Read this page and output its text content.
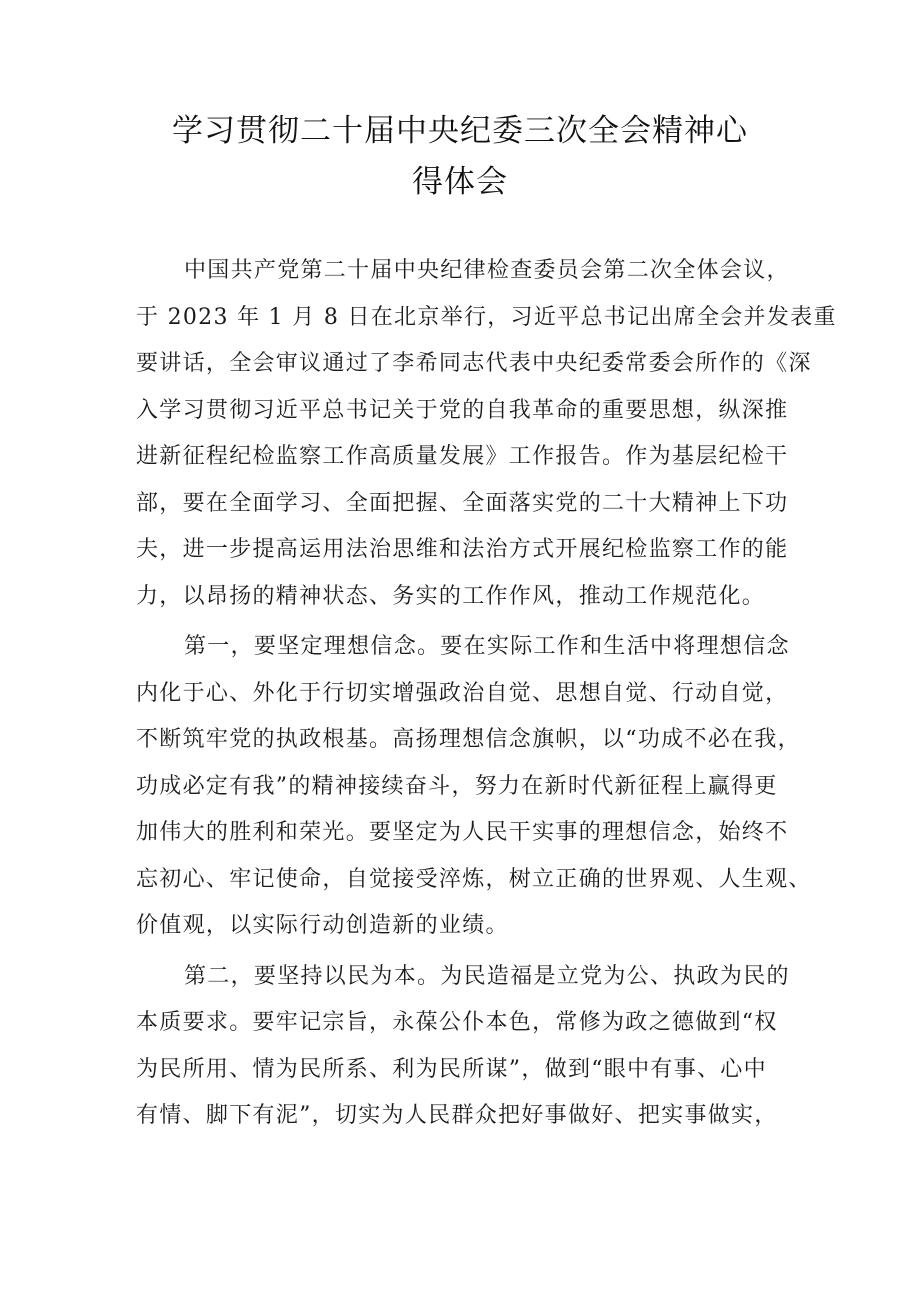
学习贯彻二十届中央纪委三次全会精神心
得体会

中国共产党第二十届中央纪律检查委员会第二次全体会议，
于 2023 年 1 月 8 日在北京举行，习近平总书记出席全会并发表重
要讲话，全会审议通过了李希同志代表中央纪委常委会所作的《深
入学习贯彻习近平总书记关于党的自我革命的重要思想，纵深推
进新征程纪检监察工作高质量发展》工作报告。作为基层纪检干
部，要在全面学习、全面把握、全面落实党的二十大精神上下功
夫，进一步提高运用法治思维和法治方式开展纪检监察工作的能
力，以昂扬的精神状态、务实的工作作风，推动工作规范化。

第一，要坚定理想信念。要在实际工作和生活中将理想信念
内化于心、外化于行切实增强政治自觉、思想自觉、行动自觉，
不断筑牢党的执政根基。高扬理想信念旗帜，以“功成不必在我，
功成必定有我”的精神接续奋斗，努力在新时代新征程上赢得更
加伟大的胜利和荣光。要坚定为人民干实事的理想信念，始终不
忘初心、牢记使命，自觉接受淬炼，树立正确的世界观、人生观、
价值观，以实际行动创造新的业绩。

第二，要坚持以民为本。为民造福是立党为公、执政为民的
本质要求。要牢记宗旨，永葆公仆本色，常修为政之德做到“权
为民所用、情为民所系、利为民所谋”，做到“眼中有事、心中
有情、脚下有泥”，切实为人民群众把好事做好、把实事做实，
